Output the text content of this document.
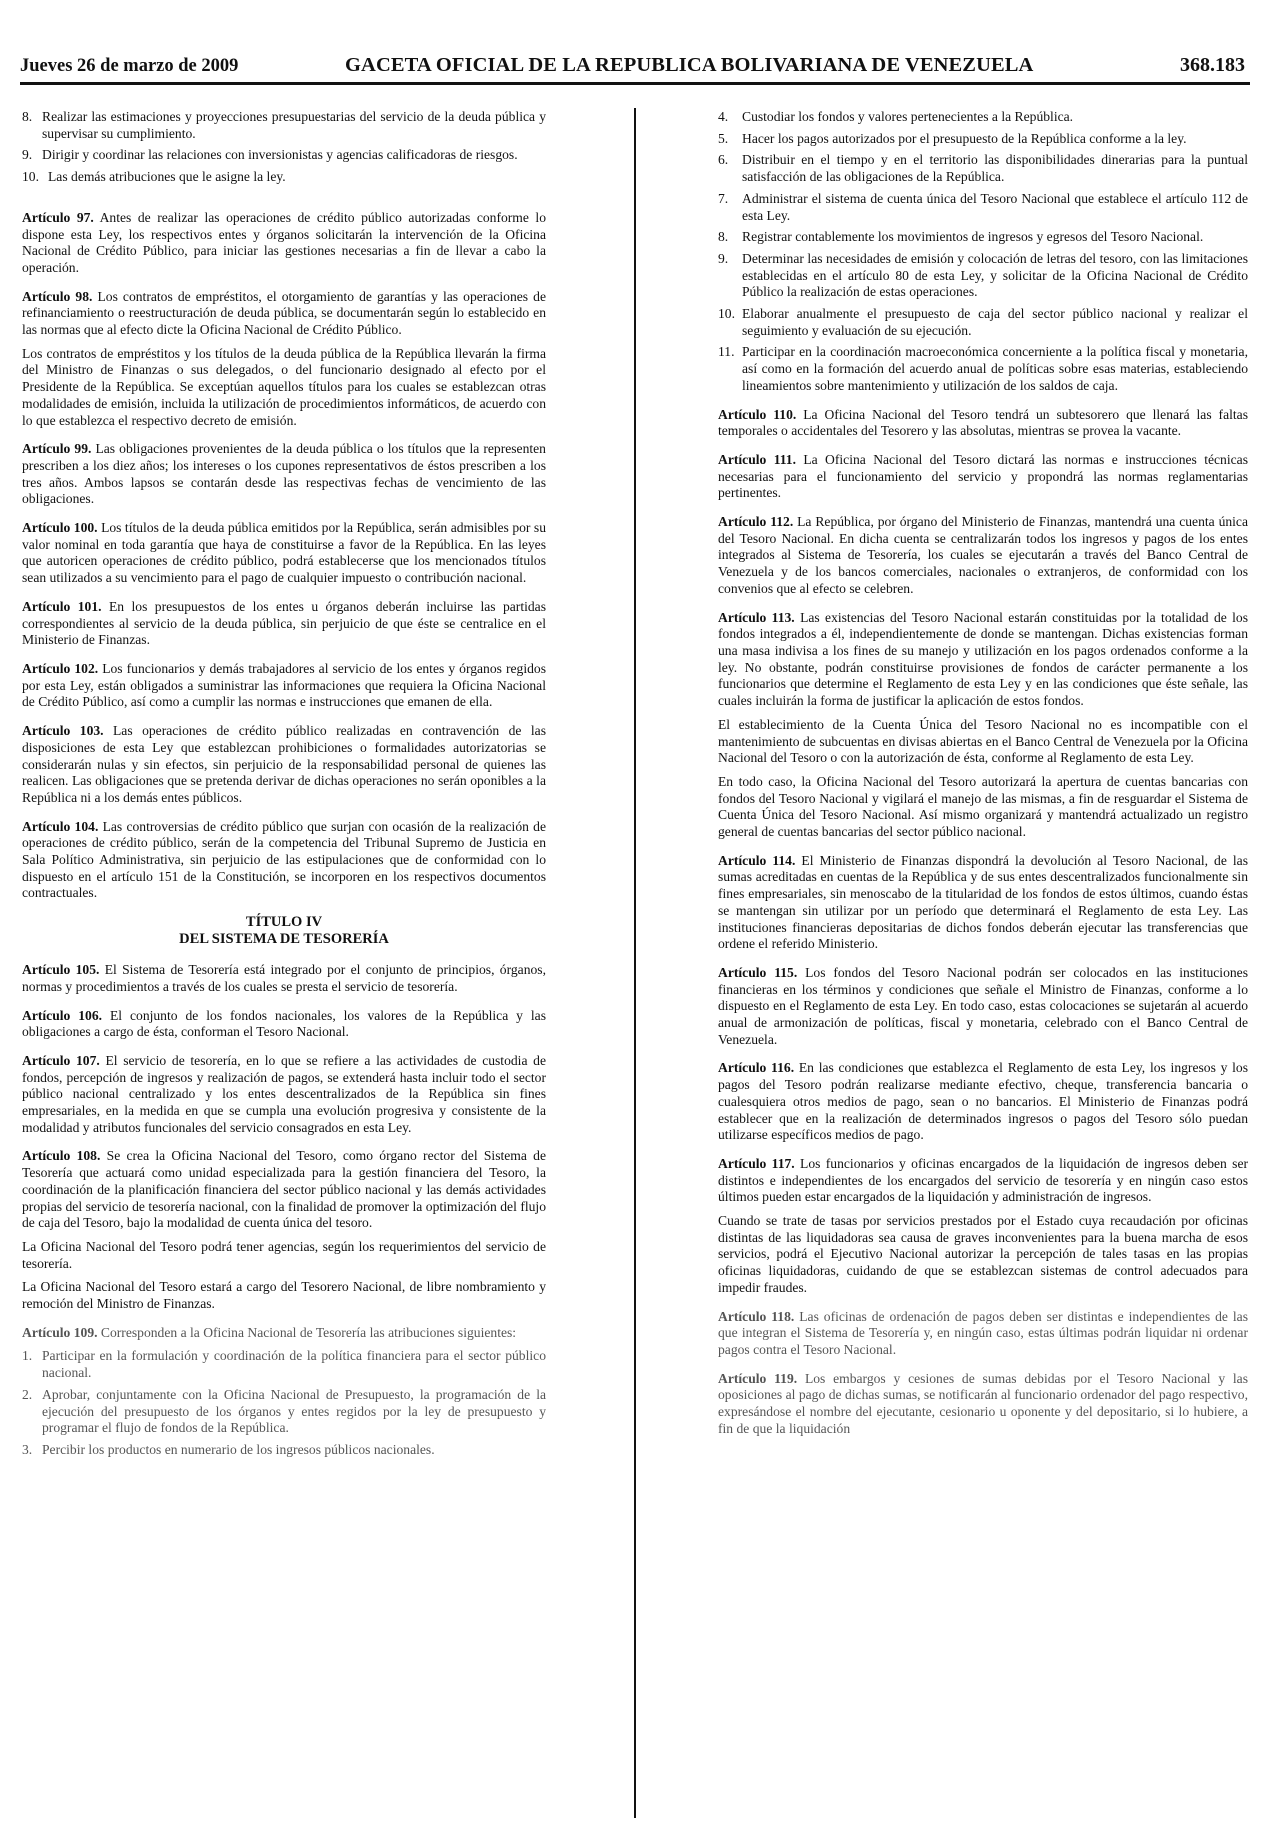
Jueves 26 de marzo de 2009	GACETA OFICIAL DE LA REPUBLICA BOLIVARIANA DE VENEZUELA	368.183
8. Realizar las estimaciones y proyecciones presupuestarias del servicio de la deuda pública y supervisar su cumplimiento.
9. Dirigir y coordinar las relaciones con inversionistas y agencias calificadoras de riesgos.
10. Las demás atribuciones que le asigne la ley.

Artículo 97. Antes de realizar las operaciones de crédito público autorizadas conforme lo dispone esta Ley, los respectivos entes y órganos solicitarán la intervención de la Oficina Nacional de Crédito Público, para iniciar las gestiones necesarias a fin de llevar a cabo la operación.

Artículo 98. Los contratos de empréstitos, el otorgamiento de garantías y las operaciones de refinanciamiento o reestructuración de deuda pública, se documentarán según lo establecido en las normas que al efecto dicte la Oficina Nacional de Crédito Público.

Los contratos de empréstitos y los títulos de la deuda pública de la República llevarán la firma del Ministro de Finanzas o sus delegados, o del funcionario designado al efecto por el Presidente de la República. Se exceptúan aquellos títulos para los cuales se establezcan otras modalidades de emisión, incluida la utilización de procedimientos informáticos, de acuerdo con lo que establezca el respectivo decreto de emisión.

Artículo 99. Las obligaciones provenientes de la deuda pública o los títulos que la representen prescriben a los diez años; los intereses o los cupones representativos de éstos prescriben a los tres años. Ambos lapsos se contarán desde las respectivas fechas de vencimiento de las obligaciones.

Artículo 100. Los títulos de la deuda pública emitidos por la República, serán admisibles por su valor nominal en toda garantía que haya de constituirse a favor de la República. En las leyes que autoricen operaciones de crédito público, podrá establecerse que los mencionados títulos sean utilizados a su vencimiento para el pago de cualquier impuesto o contribución nacional.

Artículo 101. En los presupuestos de los entes u órganos deberán incluirse las partidas correspondientes al servicio de la deuda pública, sin perjuicio de que éste se centralice en el Ministerio de Finanzas.

Artículo 102. Los funcionarios y demás trabajadores al servicio de los entes y órganos regidos por esta Ley, están obligados a suministrar las informaciones que requiera la Oficina Nacional de Crédito Público, así como a cumplir las normas e instrucciones que emanen de ella.

Artículo 103. Las operaciones de crédito público realizadas en contravención de las disposiciones de esta Ley que establezcan prohibiciones o formalidades autorizatorias se considerarán nulas y sin efectos, sin perjuicio de la responsabilidad personal de quienes las realicen. Las obligaciones que se pretenda derivar de dichas operaciones no serán oponibles a la República ni a los demás entes públicos.

Artículo 104. Las controversias de crédito público que surjan con ocasión de la realización de operaciones de crédito público, serán de la competencia del Tribunal Supremo de Justicia en Sala Político Administrativa, sin perjuicio de las estipulaciones que de conformidad con lo dispuesto en el artículo 151 de la Constitución, se incorporen en los respectivos documentos contractuales.

TÍTULO IV
DEL SISTEMA DE TESORERÍA

Artículo 105. El Sistema de Tesorería está integrado por el conjunto de principios, órganos, normas y procedimientos a través de los cuales se presta el servicio de tesorería.

Artículo 106. El conjunto de los fondos nacionales, los valores de la República y las obligaciones a cargo de ésta, conforman el Tesoro Nacional.

Artículo 107. El servicio de tesorería, en lo que se refiere a las actividades de custodia de fondos, percepción de ingresos y realización de pagos, se extenderá hasta incluir todo el sector público nacional centralizado y los entes descentralizados de la República sin fines empresariales, en la medida en que se cumpla una evolución progresiva y consistente de la modalidad y atributos funcionales del servicio consagrados en esta Ley.

Artículo 108. Se crea la Oficina Nacional del Tesoro, como órgano rector del Sistema de Tesorería que actuará como unidad especializada para la gestión financiera del Tesoro, la coordinación de la planificación financiera del sector público nacional y las demás actividades propias del servicio de tesorería nacional, con la finalidad de promover la optimización del flujo de caja del Tesoro, bajo la modalidad de cuenta única del tesoro.

La Oficina Nacional del Tesoro podrá tener agencias, según los requerimientos del servicio de tesorería.

La Oficina Nacional del Tesoro estará a cargo del Tesorero Nacional, de libre nombramiento y remoción del Ministro de Finanzas.

Artículo 109. Corresponden a la Oficina Nacional de Tesorería las atribuciones siguientes:

1. Participar en la formulación y coordinación de la política financiera para el sector público nacional.
2. Aprobar, conjuntamente con la Oficina Nacional de Presupuesto, la programación de la ejecución del presupuesto de los órganos y entes regidos por la ley de presupuesto y programar el flujo de fondos de la República.
3. Percibir los productos en numerario de los ingresos públicos nacionales.
4.	Custodiar los fondos y valores pertenecientes a la República.
5.	Hacer los pagos autorizados por el presupuesto de la República conforme a la ley.
6.	Distribuir en el tiempo y en el territorio las disponibilidades dinerarias para la puntual satisfacción de las obligaciones de la República.
7.	Administrar el sistema de cuenta única del Tesoro Nacional que establece el artículo 112 de esta Ley.
8.	Registrar contablemente los movimientos de ingresos y egresos del Tesoro Nacional.
9.	Determinar las necesidades de emisión y colocación de letras del tesoro, con las limitaciones establecidas en el artículo 80 de esta Ley, y solicitar de la Oficina Nacional de Crédito Público la realización de estas operaciones.
10. Elaborar anualmente el presupuesto de caja del sector público nacional y realizar el seguimiento y evaluación de su ejecución.
11. Participar en la coordinación macroeconómica concerniente a la política fiscal y monetaria, así como en la formación del acuerdo anual de políticas sobre esas materias, estableciendo lineamientos sobre mantenimiento y utilización de los saldos de caja.

Artículo 110. La Oficina Nacional del Tesoro tendrá un subtesorero que llenará las faltas temporales o accidentales del Tesorero y las absolutas, mientras se provea la vacante.

Artículo 111. La Oficina Nacional del Tesoro dictará las normas e instrucciones técnicas necesarias para el funcionamiento del servicio y propondrá las normas reglamentarias pertinentes.

Artículo 112. La República, por órgano del Ministerio de Finanzas, mantendrá una cuenta única del Tesoro Nacional. En dicha cuenta se centralizarán todos los ingresos y pagos de los entes integrados al Sistema de Tesorería, los cuales se ejecutarán a través del Banco Central de Venezuela y de los bancos comerciales, nacionales o extranjeros, de conformidad con los convenios que al efecto se celebren.

Artículo 113. Las existencias del Tesoro Nacional estarán constituidas por la totalidad de los fondos integrados a él, independientemente de donde se mantengan. Dichas existencias forman una masa indivisa a los fines de su manejo y utilización en los pagos ordenados conforme a la ley. No obstante, podrán constituirse provisiones de fondos de carácter permanente a los funcionarios que determine el Reglamento de esta Ley y en las condiciones que éste señale, las cuales incluirán la forma de justificar la aplicación de estos fondos.

El establecimiento de la Cuenta Única del Tesoro Nacional no es incompatible con el mantenimiento de subcuentas en divisas abiertas en el Banco Central de Venezuela por la Oficina Nacional del Tesoro o con la autorización de ésta, conforme al Reglamento de esta Ley.

En todo caso, la Oficina Nacional del Tesoro autorizará la apertura de cuentas bancarias con fondos del Tesoro Nacional y vigilará el manejo de las mismas, a fin de resguardar el Sistema de Cuenta Única del Tesoro Nacional. Así mismo organizará y mantendrá actualizado un registro general de cuentas bancarias del sector público nacional.

Artículo 114. El Ministerio de Finanzas dispondrá la devolución al Tesoro Nacional, de las sumas acreditadas en cuentas de la República y de sus entes descentralizados funcionalmente sin fines empresariales, sin menoscabo de la titularidad de los fondos de estos últimos, cuando éstas se mantengan sin utilizar por un período que determinará el Reglamento de esta Ley. Las instituciones financieras depositarias de dichos fondos deberán ejecutar las transferencias que ordene el referido Ministerio.

Artículo 115. Los fondos del Tesoro Nacional podrán ser colocados en las instituciones financieras en los términos y condiciones que señale el Ministro de Finanzas, conforme a lo dispuesto en el Reglamento de esta Ley. En todo caso, estas colocaciones se sujetarán al acuerdo anual de armonización de políticas, fiscal y monetaria, celebrado con el Banco Central de Venezuela.

Artículo 116. En las condiciones que establezca el Reglamento de esta Ley, los ingresos y los pagos del Tesoro podrán realizarse mediante efectivo, cheque, transferencia bancaria o cualesquiera otros medios de pago, sean o no bancarios. El Ministerio de Finanzas podrá establecer que en la realización de determinados ingresos o pagos del Tesoro sólo puedan utilizarse específicos medios de pago.

Artículo 117. Los funcionarios y oficinas encargados de la liquidación de ingresos deben ser distintos e independientes de los encargados del servicio de tesorería y en ningún caso estos últimos pueden estar encargados de la liquidación y administración de ingresos.

Cuando se trate de tasas por servicios prestados por el Estado cuya recaudación por oficinas distintas de las liquidadoras sea causa de graves inconvenientes para la buena marcha de esos servicios, podrá el Ejecutivo Nacional autorizar la percepción de tales tasas en las propias oficinas liquidadoras, cuidando de que se establezcan sistemas de control adecuados para impedir fraudes.

Artículo 118. Las oficinas de ordenación de pagos deben ser distintas e independientes de las que integran el Sistema de Tesorería y, en ningún caso, estas últimas podrán liquidar ni ordenar pagos contra el Tesoro Nacional.

Artículo 119. Los embargos y cesiones de sumas debidas por el Tesoro Nacional y las oposiciones al pago de dichas sumas, se notificarán al funcionario ordenador del pago respectivo, expresándose el nombre del ejecutante, cesionario u oponente y del depositario, si lo hubiere, a fin de que la liquidación
